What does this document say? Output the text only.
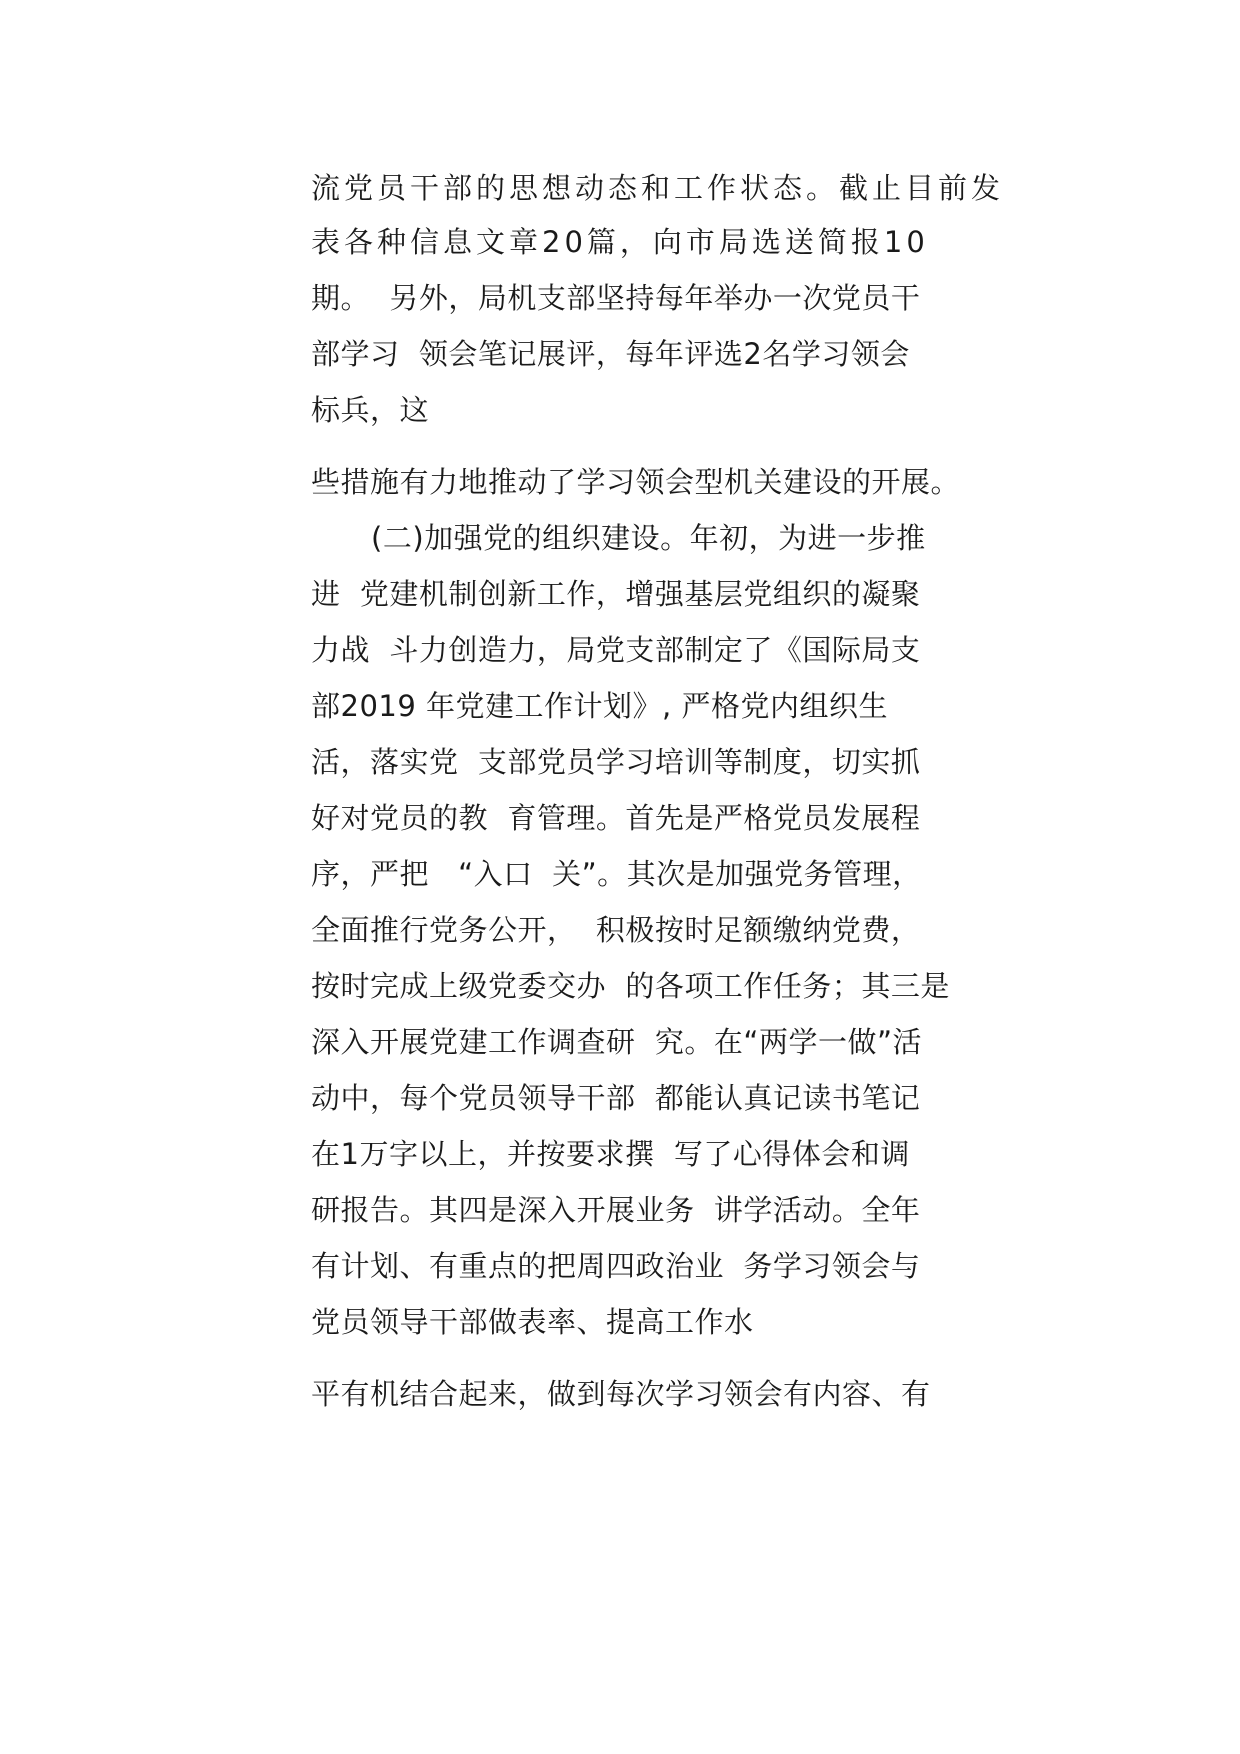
流党员干部的思想动态和工作状态。截止目前发
表各种信息文章20篇，向市局选送简报10
期。  另外，局机支部坚持每年举办一次党员干
部学习  领会笔记展评，每年评选2名学习领会
标兵，这
些措施有力地推动了学习领会型机关建设的开展。
(二)加强党的组织建设。年初，为进一步推
进  党建机制创新工作，增强基层党组织的凝聚
力战  斗力创造力，局党支部制定了《国际局支
部2019 年党建工作计划》, 严格党内组织生
活，落实党  支部党员学习培训等制度，切实抓
好对党员的教  育管理。首先是严格党员发展程
序，严把   “入口  关”。其次是加强党务管理，
全面推行党务公开，  积极按时足额缴纳党费，
按时完成上级党委交办  的各项工作任务；其三是
深入开展党建工作调查研  究。在“两学一做”活
动中，每个党员领导干部  都能认真记读书笔记
在1万字以上，并按要求撰  写了心得体会和调
研报告。其四是深入开展业务  讲学活动。全年
有计划、有重点的把周四政治业  务学习领会与
党员领导干部做表率、提高工作水
平有机结合起来，做到每次学习领会有内容、有
